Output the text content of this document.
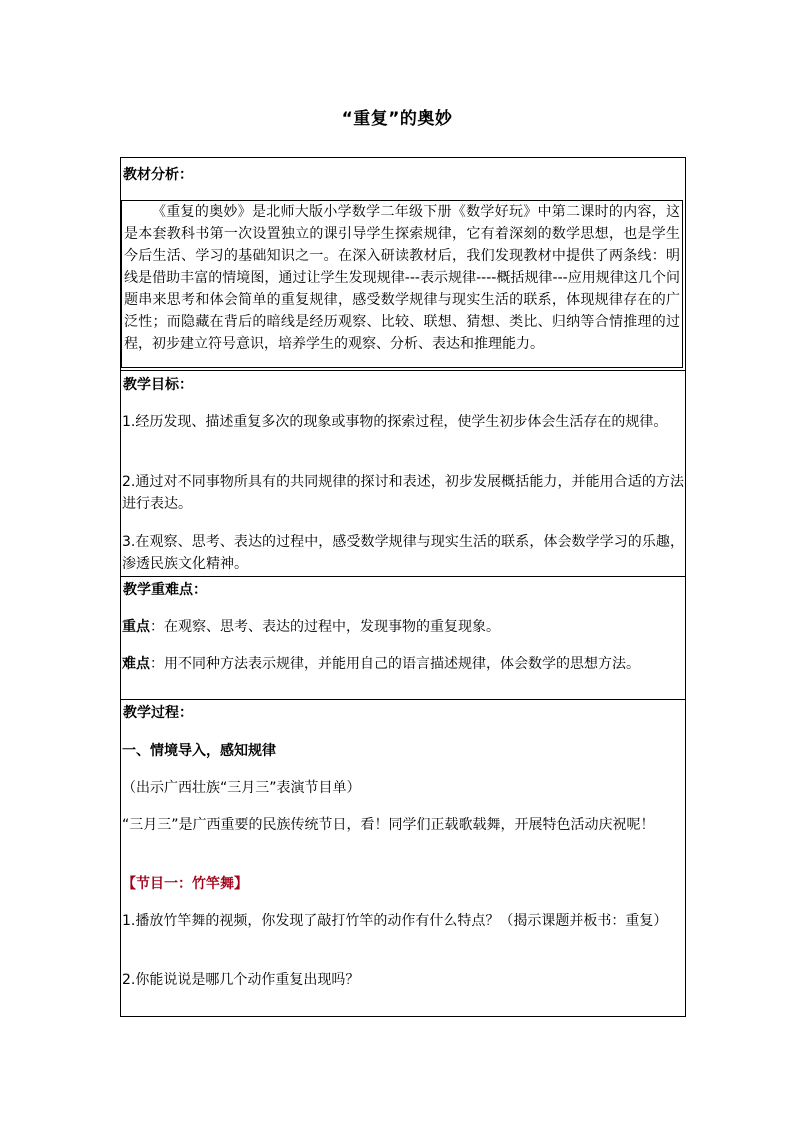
“重复”的奥妙
教材分析：
《重复的奥妙》是北师大版小学数学二年级下册《数学好玩》中第二课时的内容，这是本套教科书第一次设置独立的课引导学生探索规律，它有着深刻的数学思想，也是学生今后生活、学习的基础知识之一。在深入研读教材后，我们发现教材中提供了两条线：明线是借助丰富的情境图，通过让学生发现规律---表示规律----概括规律---应用规律这几个问题串来思考和体会简单的重复规律，感受数学规律与现实生活的联系，体现规律存在的广泛性；而隐藏在背后的暗线是经历观察、比较、联想、猜想、类比、归纳等合情推理的过程，初步建立符号意识，培养学生的观察、分析、表达和推理能力。
教学目标：
1.经历发现、描述重复多次的现象或事物的探索过程，使学生初步体会生活存在的规律。
2.通过对不同事物所具有的共同规律的探讨和表述，初步发展概括能力，并能用合适的方法进行表达。
3.在观察、思考、表达的过程中，感受数学规律与现实生活的联系，体会数学学习的乐趣，渗透民族文化精神。
教学重难点：
重点：在观察、思考、表达的过程中，发现事物的重复现象。
难点：用不同种方法表示规律，并能用自己的语言描述规律，体会数学的思想方法。
教学过程：
一、情境导入，感知规律
（出示广西壮族“三月三”表演节目单）
“三月三”是广西重要的民族传统节日，看！同学们正载歌载舞，开展特色活动庆祝呢！
【节目一：竹竿舞】
1.播放竹竿舞的视频，你发现了敲打竹竿的动作有什么特点？（揭示课题并板书：重复）
2.你能说说是哪几个动作重复出现吗？
